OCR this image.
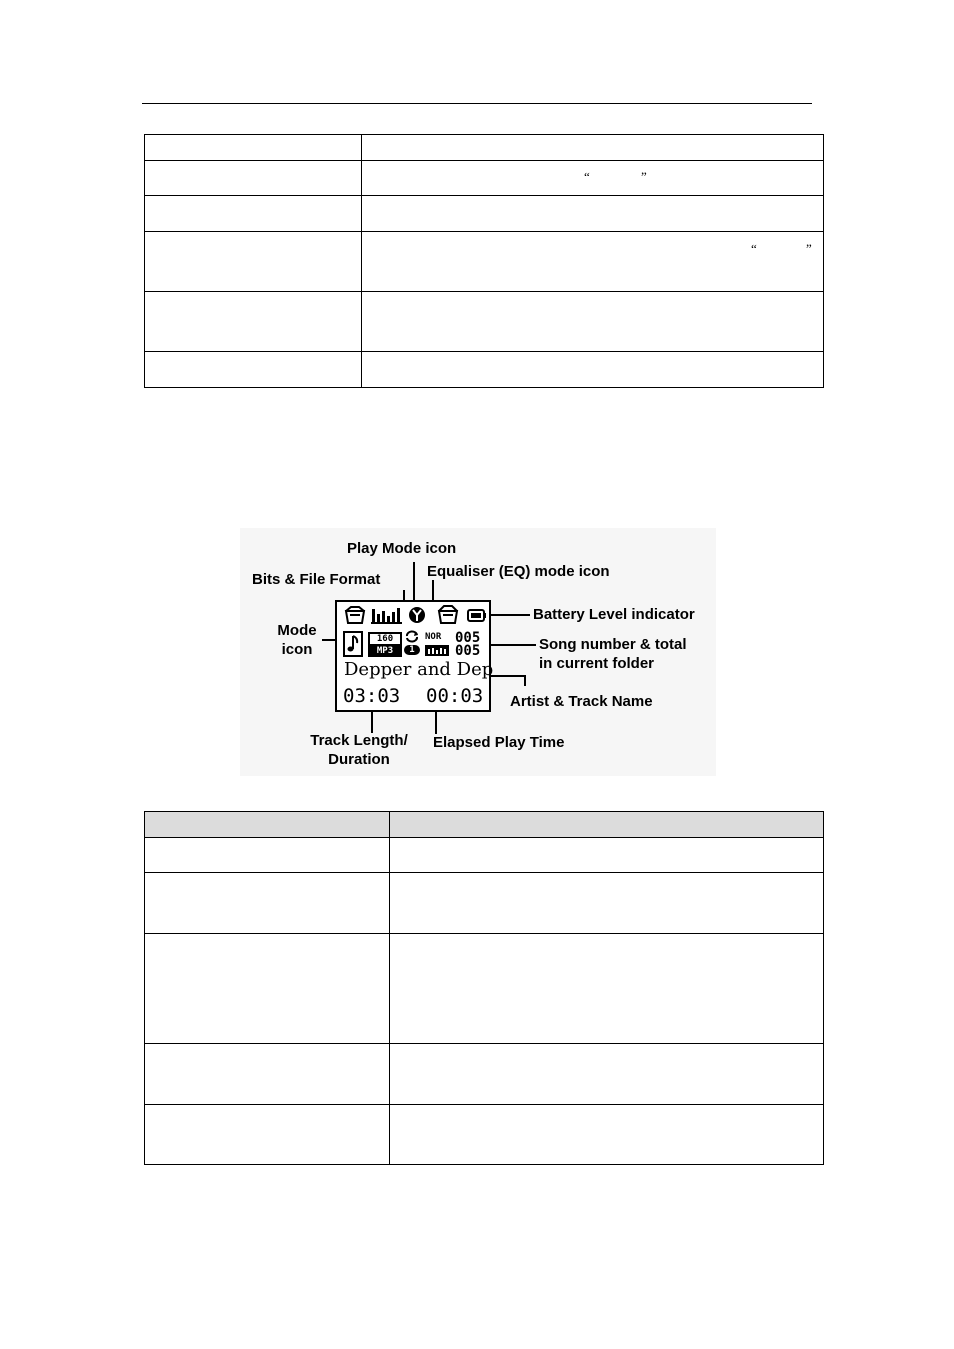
	“ ”

	“ ”

Play Mode icon
Bits & File Format	Equaliser (EQ) mode icon
Mode
icon
Battery Level indicator
Song number & total
in current folder
Artist & Track Name
Track Length/
Duration
Elapsed Play Time
160
MP3	1
NOR 005
005
Depper and Dep
03:03 00:03
